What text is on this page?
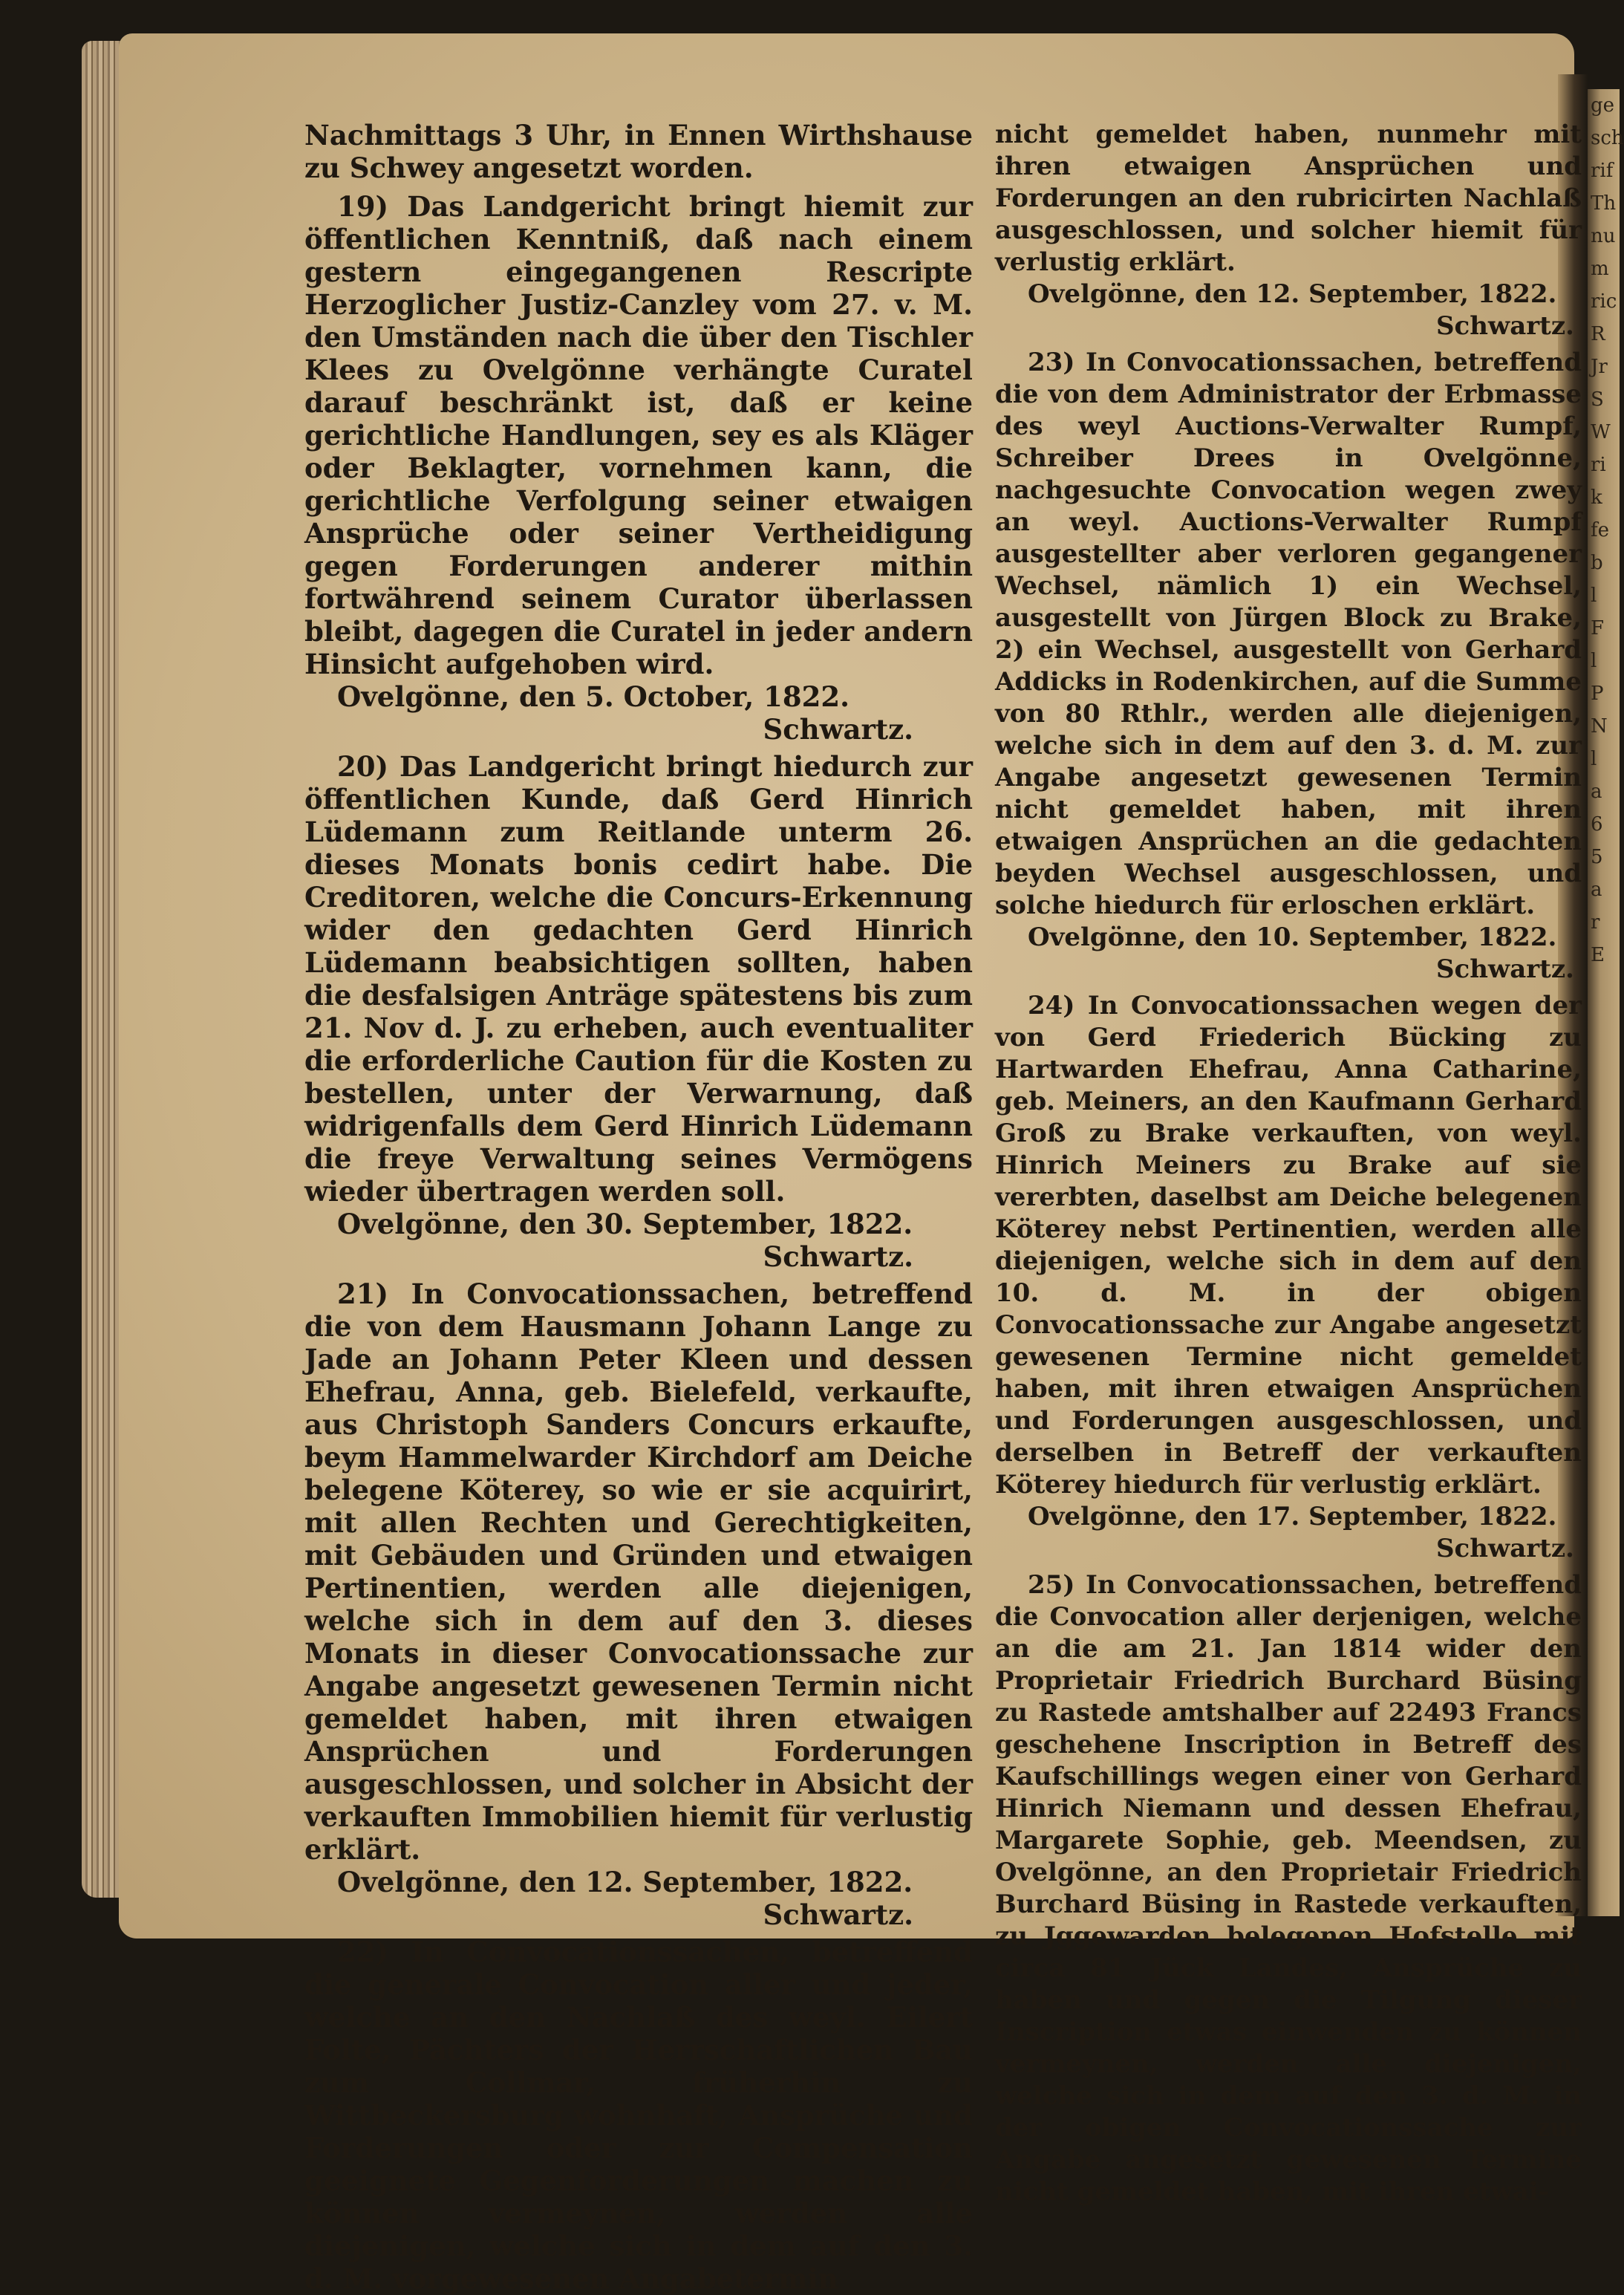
ge
sch
rif
Th
nu
m
ric
R
Jr
S
W
ri
k
fe
b
l
F
l
P
N
l
a
6
5
a
r
E

Nachmittags 3 Uhr, in Ennen Wirthshause zu Schwey angesetzt worden.

19) Das Landgericht bringt hiemit zur öffentlichen Kenntniß, daß nach einem gestern eingegangenen Rescripte Herzoglicher Justiz-Canzley vom 27. v. M. den Umständen nach die über den Tischler Klees zu Ovelgönne verhängte Curatel darauf beschränkt ist, daß er keine gerichtliche Handlungen, sey es als Kläger oder Beklagter, vornehmen kann, die gerichtliche Verfolgung seiner etwaigen Ansprüche oder seiner Vertheidigung gegen Forderungen anderer mithin fortwährend seinem Curator überlassen bleibt, dagegen die Curatel in jeder andern Hinsicht aufgehoben wird.

Ovelgönne, den 5. October, 1822.

Schwartz.

20) Das Landgericht bringt hiedurch zur öffentlichen Kunde, daß Gerd Hinrich Lüdemann zum Reitlande unterm 26. dieses Monats bonis cedirt habe. Die Creditoren, welche die Concurs-Erkennung wider den gedachten Gerd Hinrich Lüdemann beabsichtigen sollten, haben die desfalsigen Anträge spätestens bis zum 21. Nov d. J. zu erheben, auch eventualiter die erforderliche Caution für die Kosten zu bestellen, unter der Verwarnung, daß widrigenfalls dem Gerd Hinrich Lüdemann die freye Verwaltung seines Vermögens wieder übertragen werden soll.

Ovelgönne, den 30. September, 1822.

Schwartz.

21) In Convocationssachen, betreffend die von dem Hausmann Johann Lange zu Jade an Johann Peter Kleen und dessen Ehefrau, Anna, geb. Bielefeld, verkaufte, aus Christoph Sanders Concurs erkaufte, beym Hammelwarder Kirchdorf am Deiche belegene Köterey, so wie er sie acquirirt, mit allen Rechten und Gerechtigkeiten, mit Gebäuden und Gründen und etwaigen Pertinentien, werden alle diejenigen, welche sich in dem auf den 3. dieses Monats in dieser Convocationssache zur Angabe angesetzt gewesenen Termin nicht gemeldet haben, mit ihren etwaigen Ansprüchen und Forderungen ausgeschlossen, und solcher in Absicht der verkauften Immobilien hiemit für verlustig erklärt.

Ovelgönne, den 12. September, 1822.

Schwartz.

22) In Convocationssachen, betreffend die generale Convocation aller und jeder, welche an den Nachlaß des weyl. Eilert Folte, Pächters der Herrschaftlichen Bau zum Collmar, früherhin zu Wittbeckersburg wohnhaft, Ansprüche und Forderungen oder zur Compensation geeignete Gegenforderungen machen zu können vermeynen, werden alle diejenigen, welche sich in dem auf den 3. d. M. vorgewesenen Angabetermin

nicht gemeldet haben, nunmehr mit ihren etwaigen Ansprüchen und Forderungen an den rubricirten Nachlaß ausgeschlossen, und solcher hiemit für verlustig erklärt.

Ovelgönne, den 12. September, 1822.

Schwartz.

23) In Convocationssachen, betreffend die von dem Administrator der Erbmasse des weyl Auctions-Verwalter Rumpf, Schreiber Drees in Ovelgönne, nachgesuchte Convocation wegen zwey an weyl. Auctions-Verwalter Rumpf ausgestellter aber verloren gegangener Wechsel, nämlich 1) ein Wechsel, ausgestellt von Jürgen Block zu Brake, 2) ein Wechsel, ausgestellt von Gerhard Addicks in Rodenkirchen, auf die Summe von 80 Rthlr., werden alle diejenigen, welche sich in dem auf den 3. d. M. zur Angabe angesetzt gewesenen Termin nicht gemeldet haben, mit ihren etwaigen Ansprüchen an die gedachten beyden Wechsel ausgeschlossen, und solche hiedurch für erloschen erklärt.

Ovelgönne, den 10. September, 1822.

Schwartz.

24) In Convocationssachen wegen der von Gerd Friederich Bücking zu Hartwarden Ehefrau, Anna Catharine, geb. Meiners, an den Kaufmann Gerhard Groß zu Brake verkauften, von weyl. Hinrich Meiners zu Brake auf sie vererbten, daselbst am Deiche belegenen Köterey nebst Pertinentien, werden alle diejenigen, welche sich in dem auf den 10. d. M. in der obigen Convocationssache zur Angabe angesetzt gewesenen Termine nicht gemeldet haben, mit ihren etwaigen Ansprüchen und Forderungen ausgeschlossen, und derselben in Betreff der verkauften Köterey hiedurch für verlustig erklärt.

Ovelgönne, den 17. September, 1822.

Schwartz.

25) In Convocationssachen, betreffend die Convocation aller derjenigen, welche an die am 21. Jan 1814 wider den Proprietair Friedrich Burchard Büsing zu Rastede amtshalber auf 22493 Francs geschehene Inscription in Betreff des Kaufschillings wegen einer von Gerhard Hinrich Niemann und dessen Ehefrau, Margarete Sophie, geb. Meendsen, zu Ovelgönne, an den Proprietair Friedrich Burchard Büsing in Rastede verkauften, zu Jggewarden belegenen Hofstelle mit circa 81 Jück Landes, Ansprüche zu haben und gegen die Tilgung dieser Inscription etwas einwenden zu können vermeynen, werden alle diejenigen, welche sich in dem auf den 3. d. M. in der obigen Convocationssache zur Angabe angesetzt gewesenen Termine nicht gemeldet haben, mit ihren etwai-
